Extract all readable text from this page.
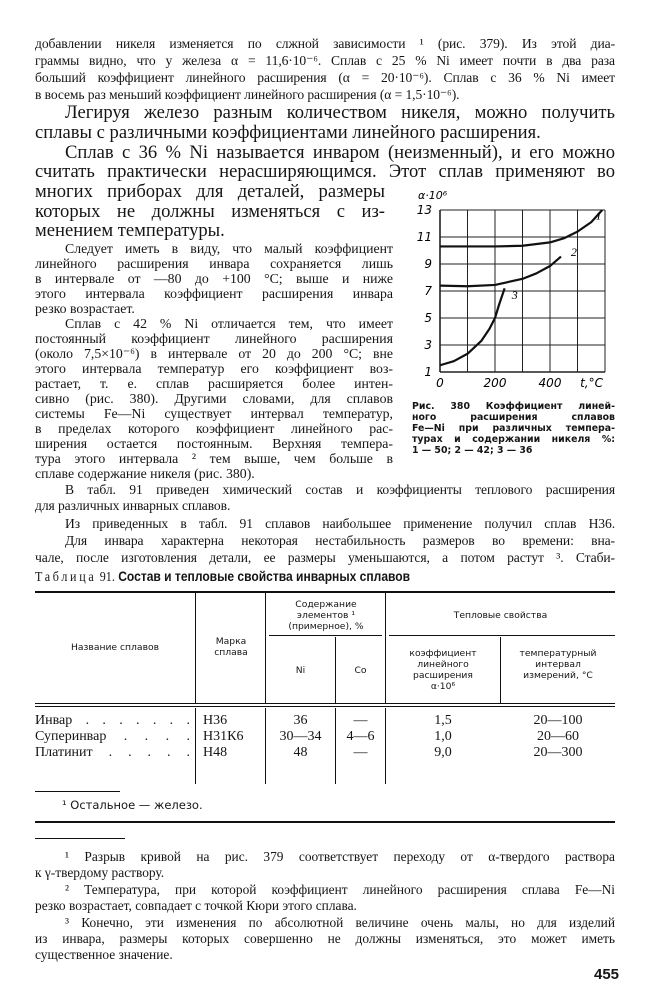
добавлении никеля изменяется по слжной зависимости ¹ (рис. 379). Из этой диа-
граммы видно, что у железа α = 11,6·10⁻⁶. Сплав с 25 % Ni имеет почти в два раза
больший коэффициент линейного расширения (α = 20·10⁻⁶). Сплав с 36 % Ni имеет
в восемь раз меньший коэффициент линейного расширения (α = 1,5·10⁻⁶).
Легируя железо разным количеством никеля, можно получить
сплавы с различными коэффициентами линейного расширения.
Сплав с 36 % Ni называется инваром (неизменный), и его можно
считать практически нерасширяющимся. Этот сплав применяют во
многих приборах для деталей, размеры
которых не должны изменяться с из-
менением температуры.
Следует иметь в виду, что малый коэффициент
линейного расширения инвара сохраняется лишь
в интервале от —80 до +100 °C; выше и ниже
этого интервала коэффициент расширения инвара
резко возрастает.
Сплав с 42 % Ni отличается тем, что имеет
постоянный коэффициент линейного расширения
(около 7,5×10⁻⁶) в интервале от 20 до 200 °C; вне
этого интервала температур его коэффициент воз-
растает, т. е. сплав расширяется более интен-
сивно (рис. 380). Другими словами, для сплавов
системы Fe—Ni существует интервал температур,
в пределах которого коэффициент линейного рас-
ширения остается постоянным. Верхняя темпера-
тура этого интервала ² тем выше, чем больше в
сплаве содержание никеля (рис. 380).
В табл. 91 приведен химический состав и коэффициенты теплового расширения
для различных инварных сплавов.
Из приведенных в табл. 91 сплавов наибольшее применение получил сплав Н36.
Для инвара характерна некоторая нестабильность размеров во времени: вна-
чале, после изготовления детали, ее размеры уменьшаются, а потом растут ³. Стаби-
1
2
3
13
11
9
7
5
3
1
0	200	400 t,°C
α·10⁶
Рис. 380 Коэффициент линей-
ного расширения сплавов
Fe—Ni при различных темпера-
турах и содержании никеля %:
1 — 50; 2 — 42; 3 — 36
Таблица 91. Состав и тепловые свойства инварных сплавов
Название сплавов
Марка сплава
Содержание элементов ¹ (примерное), %
Тепловые свойства
Ni	Co
коэффициент линейного расширения α·10⁶
температурный интервал измерений, °C
Инвар . . . . . . . Н36	36	—	1,5	20—100
Суперинвар . . . . Н31К6	30—34	4—6	1,0	20—60
Платинит . . . . . Н48	48	—	9,0	20—300
¹ Остальное — железо.
¹ Разрыв кривой на рис. 379 соответствует переходу от α-твердого раствора
к γ-твердому раствору.
² Температура, при которой коэффициент линейного расширения сплава Fe—Ni
резко возрастает, совпадает с точкой Кюри этого сплава.
³ Конечно, эти изменения по абсолютной величине очень малы, но для изделий
из инвара, размеры которых совершенно не должны изменяться, это может иметь
существенное значение.
455
